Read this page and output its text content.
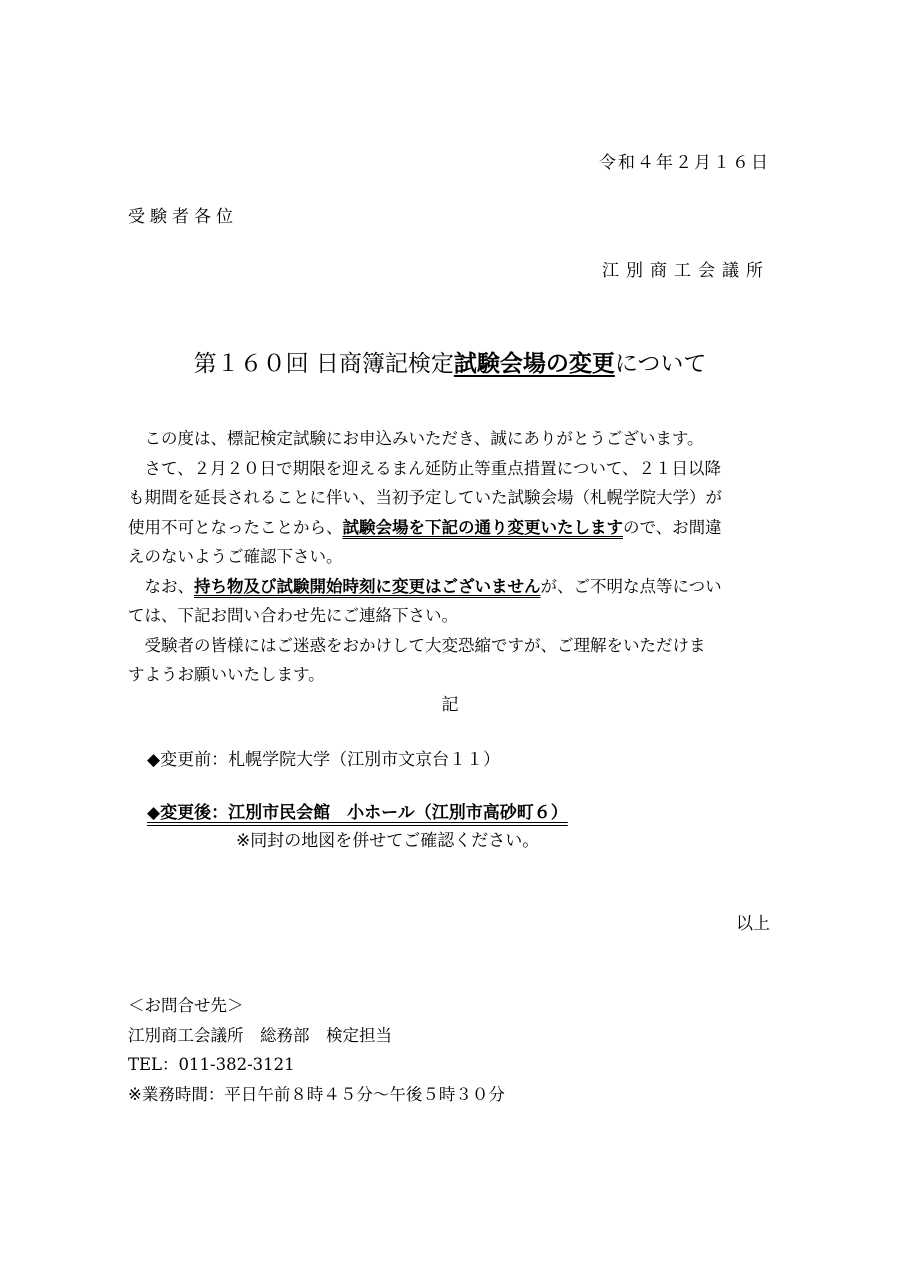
令和４年２月１６日
受験者各位
江別商工会議所
第１６０回 日商簿記検定試験会場の変更について

　この度は、標記検定試験にお申込みいただき、誠にありがとうございます。

　さて、２月２０日で期限を迎えるまん延防止等重点措置について、２１日以降

も期間を延長されることに伴い、当初予定していた試験会場（札幌学院大学）が

使用不可となったことから、試験会場を下記の通り変更いたしますので、お間違

えのないようご確認下さい。

　なお、持ち物及び試験開始時刻に変更はございませんが、ご不明な点等につい

ては、下記お問い合わせ先にご連絡下さい。

　受験者の皆様にはご迷惑をおかけして大変恐縮ですが、ご理解をいただけま

すようお願いいたします。

記
◆変更前：札幌学院大学（江別市文京台１１）
◆変更後：江別市民会館　小ホール（江別市高砂町６）
※同封の地図を併せてご確認ください。
以上
＜お問合せ先＞
江別商工会議所　総務部　検定担当
TEL：011-382-3121
※業務時間：平日午前８時４５分～午後５時３０分
